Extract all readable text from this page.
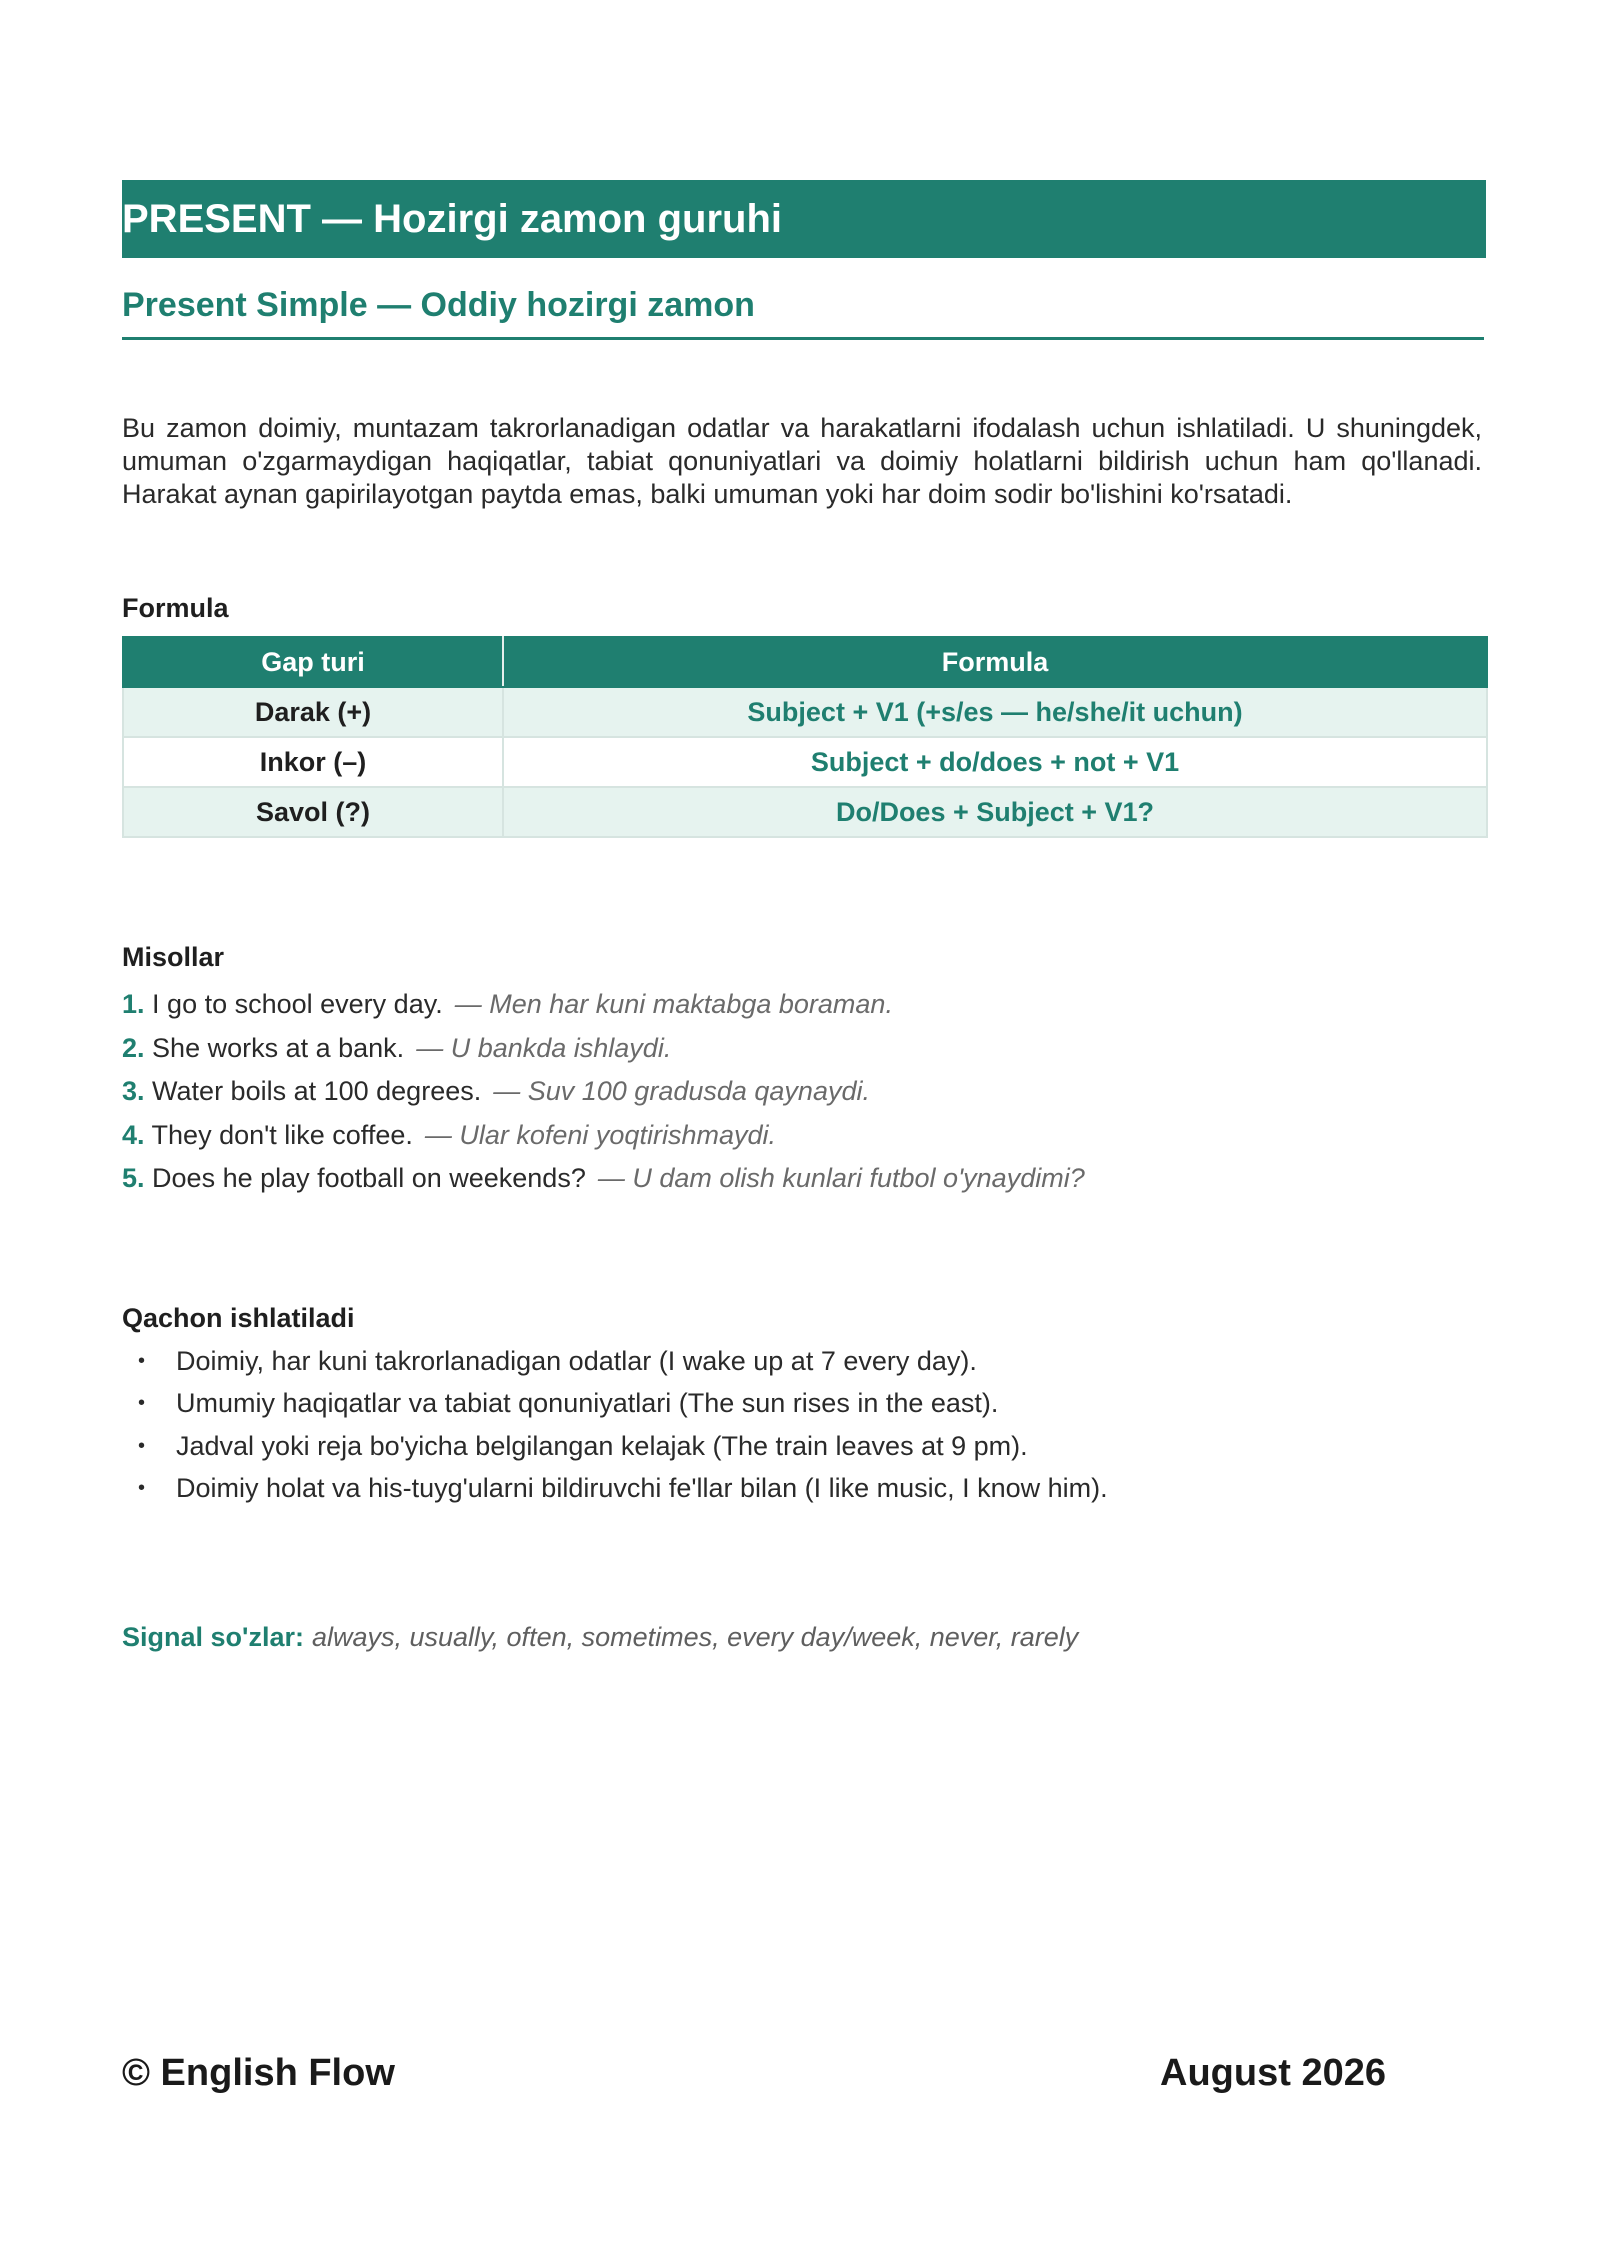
PRESENT — Hozirgi zamon guruhi
Present Simple — Oddiy hozirgi zamon

Bu zamon doimiy, muntazam takrorlanadigan odatlar va harakatlarni ifodalash uchun ishlatiladi. U shuningdek, umuman o'zgarmaydigan haqiqatlar, tabiat qonuniyatlari va doimiy holatlarni bildirish uchun ham qo'llanadi. Harakat aynan gapirilayotgan paytda emas, balki umuman yoki har doim sodir bo'lishini ko'rsatadi.

Formula
Gap turi	Formula
Darak (+)	Subject + V1 (+s/es — he/she/it uchun)
Inkor (–)	Subject + do/does + not + V1
Savol (?)	Do/Does + Subject + V1?
Misollar
1. I go to school every day. — Men har kuni maktabga boraman.
2. She works at a bank. — U bankda ishlaydi.
3. Water boils at 100 degrees. — Suv 100 gradusda qaynaydi.
4. They don't like coffee. — Ular kofeni yoqtirishmaydi.
5. Does he play football on weekends? — U dam olish kunlari futbol o'ynaydimi?
Qachon ishlatiladi
• Doimiy, har kuni takrorlanadigan odatlar (I wake up at 7 every day).
• Umumiy haqiqatlar va tabiat qonuniyatlari (The sun rises in the east).
• Jadval yoki reja bo'yicha belgilangan kelajak (The train leaves at 9 pm).
• Doimiy holat va his-tuyg'ularni bildiruvchi fe'llar bilan (I like music, I know him).
Signal so'zlar: always, usually, often, sometimes, every day/week, never, rarely
© English Flow	August 2026
